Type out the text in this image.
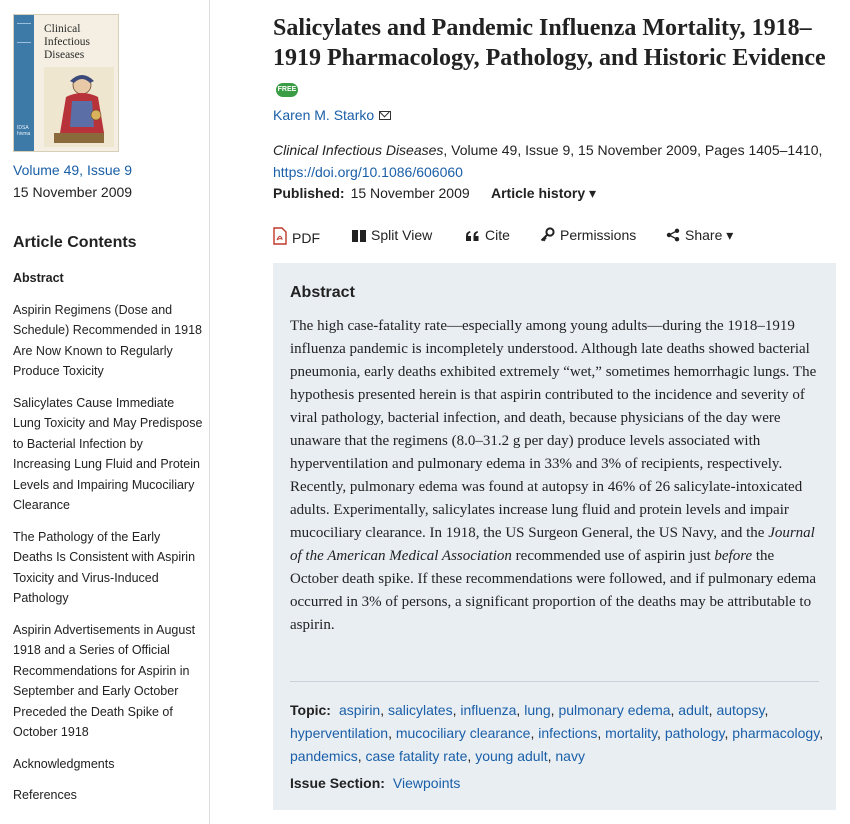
Clinical Infectious Diseases
IDSA hivma
Volume 49, Issue 9
15 November 2009
Article Contents
Abstract
Aspirin Regimens (Dose and Schedule) Recommended in 1918 Are Now Known to Regularly Produce Toxicity
Salicylates Cause Immediate Lung Toxicity and May Predispose to Bacterial Infection by Increasing Lung Fluid and Protein Levels and Impairing Mucociliary Clearance
The Pathology of the Early Deaths Is Consistent with Aspirin Toxicity and Virus-Induced Pathology
Aspirin Advertisements in August 1918 and a Series of Official Recommendations for Aspirin in September and Early October Preceded the Death Spike of October 1918
Acknowledgments
References
Salicylates and Pandemic Influenza Mortality, 1918–1919 Pharmacology, Pathology, and Historic Evidence FREE
Karen M. Starko
Clinical Infectious Diseases, Volume 49, Issue 9, 15 November 2009, Pages 1405–1410,
https://doi.org/10.1086/606060
Published: 15 November 2009 Article history ▾
PDF	Split View	Cite	Permissions	Share ▾
Abstract

The high case-fatality rate—especially among young adults—during the 1918–1919 influenza pandemic is incompletely understood. Although late deaths showed bacterial pneumonia, early deaths exhibited extremely “wet,” sometimes hemorrhagic lungs. The hypothesis presented herein is that aspirin contributed to the incidence and severity of viral pathology, bacterial infection, and death, because physicians of the day were unaware that the regimens (8.0–31.2 g per day) produce levels associated with hyperventilation and pulmonary edema in 33% and 3% of recipients, respectively. Recently, pulmonary edema was found at autopsy in 46% of 26 salicylate-intoxicated adults. Experimentally, salicylates increase lung fluid and protein levels and impair mucociliary clearance. In 1918, the US Surgeon General, the US Navy, and the Journal of the American Medical Association recommended use of aspirin just before the October death spike. If these recommendations were followed, and if pulmonary edema occurred in 3% of persons, a significant proportion of the deaths may be attributable to aspirin.

Topic: aspirin, salicylates, influenza, lung, pulmonary edema, adult, autopsy, hyperventilation, mucociliary clearance, infections, mortality, pathology, pharmacology, pandemics, case fatality rate, young adult, navy
Issue Section: Viewpoints
